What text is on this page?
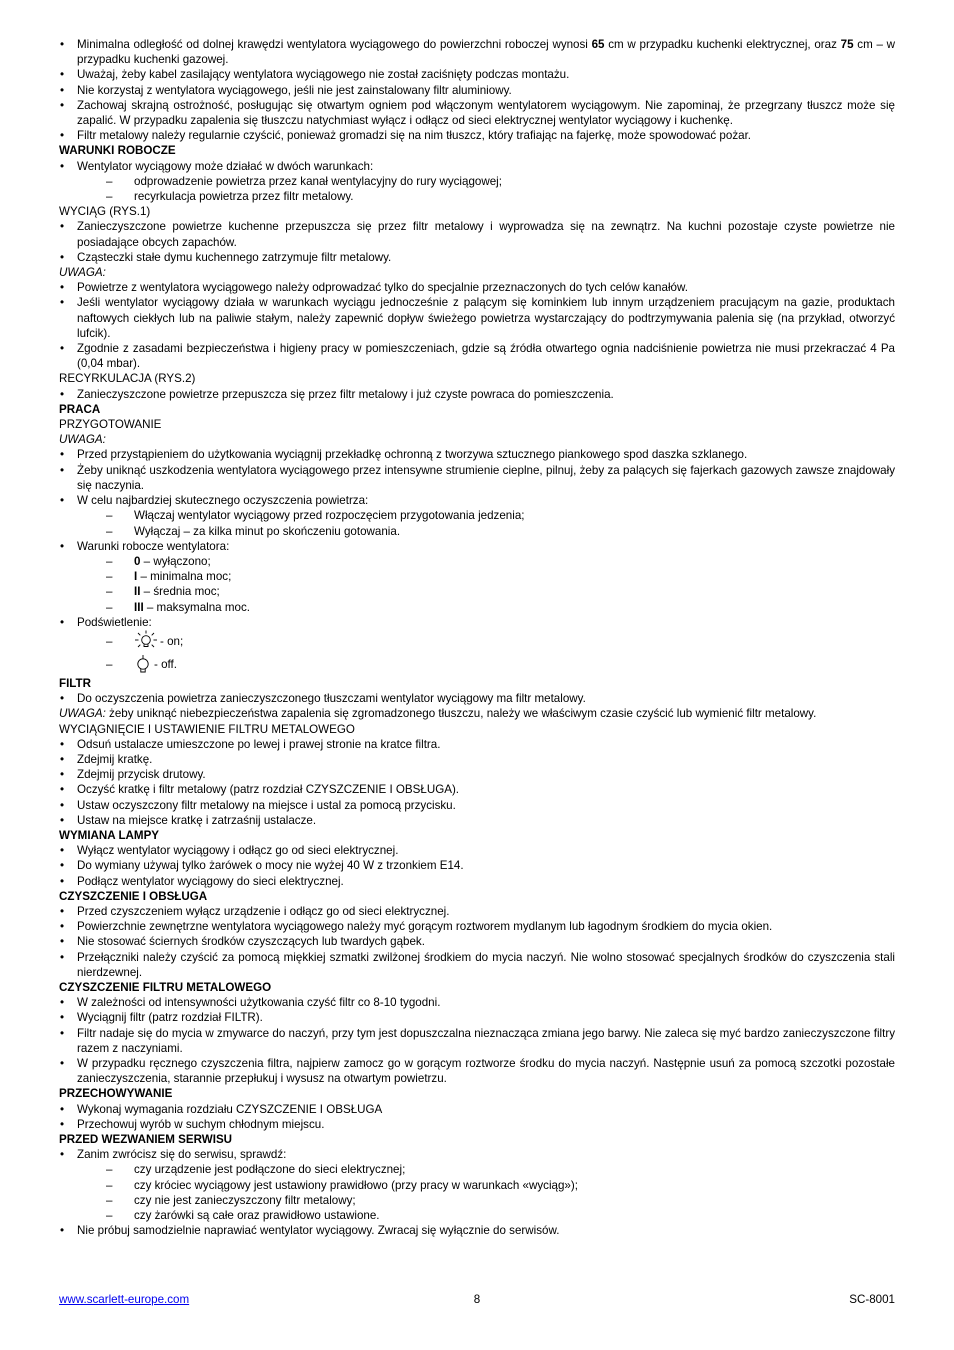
• Minimalna odległość od dolnej krawędzi wentylatora wyciągowego do powierzchni roboczej wynosi 65 cm w przypadku kuchenki elektrycznej, oraz 75 cm – w przypadku kuchenki gazowej.
• Uważaj, żeby kabel zasilający wentylatora wyciągowego nie został zaciśnięty podczas montażu.
• Nie korzystaj z wentylatora wyciągowego, jeśli nie jest zainstalowany filtr aluminiowy.
• Zachowaj skrajną ostrożność, posługując się otwartym ogniem pod włączonym wentylatorem wyciągowym. Nie zapominaj, że przegrzany tłuszcz może się zapalić. W przypadku zapalenia się tłuszczu natychmiast wyłącz i odłącz od sieci elektrycznej wentylator wyciągowy i kuchenkę.
• Filtr metalowy należy regularnie czyścić, ponieważ gromadzi się na nim tłuszcz, który trafiając na fajerkę, może spowodować pożar.

WARUNKI ROBOCZE

• Wentylator wyciągowy może działać w dwóch warunkach:
– odprowadzenie powietrza przez kanał wentylacyjny do rury wyciągowej;
– recyrkulacja powietrza przez filtr metalowy.

WYCIĄG (RYS.1)

• Zanieczyszczone powietrze kuchenne przepuszcza się przez filtr metalowy i wyprowadza się na zewnątrz. Na kuchni pozostaje czyste powietrze nie posiadające obcych zapachów.
• Cząsteczki stałe dymu kuchennego zatrzymuje filtr metalowy.

UWAGA:

• Powietrze z wentylatora wyciągowego należy odprowadzać tylko do specjalnie przeznaczonych do tych celów kanałów.
• Jeśli wentylator wyciągowy działa w warunkach wyciągu jednocześnie z palącym się kominkiem lub innym urządzeniem pracującym na gazie, produktach naftowych ciekłych lub na paliwie stałym, należy zapewnić dopływ świeżego powietrza wystarczający do podtrzymywania palenia się (na przykład, otworzyć lufcik).
• Zgodnie z zasadami bezpieczeństwa i higieny pracy w pomieszczeniach, gdzie są źródła otwartego ognia nadciśnienie powietrza nie musi przekraczać 4 Pa (0,04 mbar).

RECYRKULACJA (RYS.2)

• Zanieczyszczone powietrze przepuszcza się przez filtr metalowy i już czyste powraca do pomieszczenia.

PRACA

PRZYGOTOWANIE

UWAGA:

• Przed przystąpieniem do użytkowania wyciągnij przekładkę ochronną z tworzywa sztucznego piankowego spod daszka szklanego.
• Żeby uniknąć uszkodzenia wentylatora wyciągowego przez intensywne strumienie cieplne, pilnuj, żeby za palących się fajerkach gazowych zawsze znajdowały się naczynia.
• W celu najbardziej skutecznego oczyszczenia powietrza:
– Włączaj wentylator wyciągowy przed rozpoczęciem przygotowania jedzenia;
– Wyłączaj – za kilka minut po skończeniu gotowania.
• Warunki robocze wentylatora:
– 0 – wyłączono;
– I – minimalna moc;
– II – średnia moc;
– III – maksymalna moc.
• Podświetlenie:
–	- on;
–	- off.

FILTR

• Do oczyszczenia powietrza zanieczyszczonego tłuszczami wentylator wyciągowy ma filtr metalowy.

UWAGA: żeby uniknąć niebezpieczeństwa zapalenia się zgromadzonego tłuszczu, należy we właściwym czasie czyścić lub wymienić filtr metalowy.

WYCIĄGNIĘCIE I USTAWIENIE FILTRU METALOWEGO

• Odsuń ustalacze umieszczone po lewej i prawej stronie na kratce filtra.
• Zdejmij kratkę.
• Zdejmij przycisk drutowy.
• Oczyść kratkę i filtr metalowy (patrz rozdział CZYSZCZENIE I OBSŁUGA).
• Ustaw oczyszczony filtr metalowy na miejsce i ustal za pomocą przycisku.
• Ustaw na miejsce kratkę i zatrzaśnij ustalacze.

WYMIANA LAMPY

• Wyłącz wentylator wyciągowy i odłącz go od sieci elektrycznej.
• Do wymiany używaj tylko żarówek o mocy nie wyżej 40 W z trzonkiem E14.
• Podłącz wentylator wyciągowy do sieci elektrycznej.

CZYSZCZENIE I OBSŁUGA

• Przed czyszczeniem wyłącz urządzenie i odłącz go od sieci elektrycznej.
• Powierzchnie zewnętrzne wentylatora wyciągowego należy myć gorącym roztworem mydlanym lub łagodnym środkiem do mycia okien.
• Nie stosować ściernych środków czyszczących lub twardych gąbek.
• Przełączniki należy czyścić za pomocą miękkiej szmatki zwilżonej środkiem do mycia naczyń. Nie wolno stosować specjalnych środków do czyszczenia stali nierdzewnej.

CZYSZCZENIE FILTRU METALOWEGO

• W zależności od intensywności użytkowania czyść filtr co 8-10 tygodni.
• Wyciągnij filtr (patrz rozdział FILTR).
• Filtr nadaje się do mycia w zmywarce do naczyń, przy tym jest dopuszczalna nieznacząca zmiana jego barwy. Nie zaleca się myć bardzo zanieczyszczone filtry razem z naczyniami.
• W przypadku ręcznego czyszczenia filtra, najpierw zamocz go w gorącym roztworze środku do mycia naczyń. Następnie usuń za pomocą szczotki pozostałe zanieczyszczenia, starannie przepłukuj i wysusz na otwartym powietrzu.

PRZECHOWYWANIE

• Wykonaj wymagania rozdziału CZYSZCZENIE I OBSŁUGA
• Przechowuj wyrób w suchym chłodnym miejscu.

PRZED WEZWANIEM SERWISU

• Zanim zwrócisz się do serwisu, sprawdź:
– czy urządzenie jest podłączone do sieci elektrycznej;
– czy króciec wyciągowy jest ustawiony prawidłowo (przy pracy w warunkach «wyciąg»);
– czy nie jest zanieczyszczony filtr metalowy;
– czy żarówki są całe oraz prawidłowo ustawione.
• Nie próbuj samodzielnie naprawiać wentylator wyciągowy. Zwracaj się wyłącznie do serwisów.
www.scarlett-europe.com	8	SC-8001
